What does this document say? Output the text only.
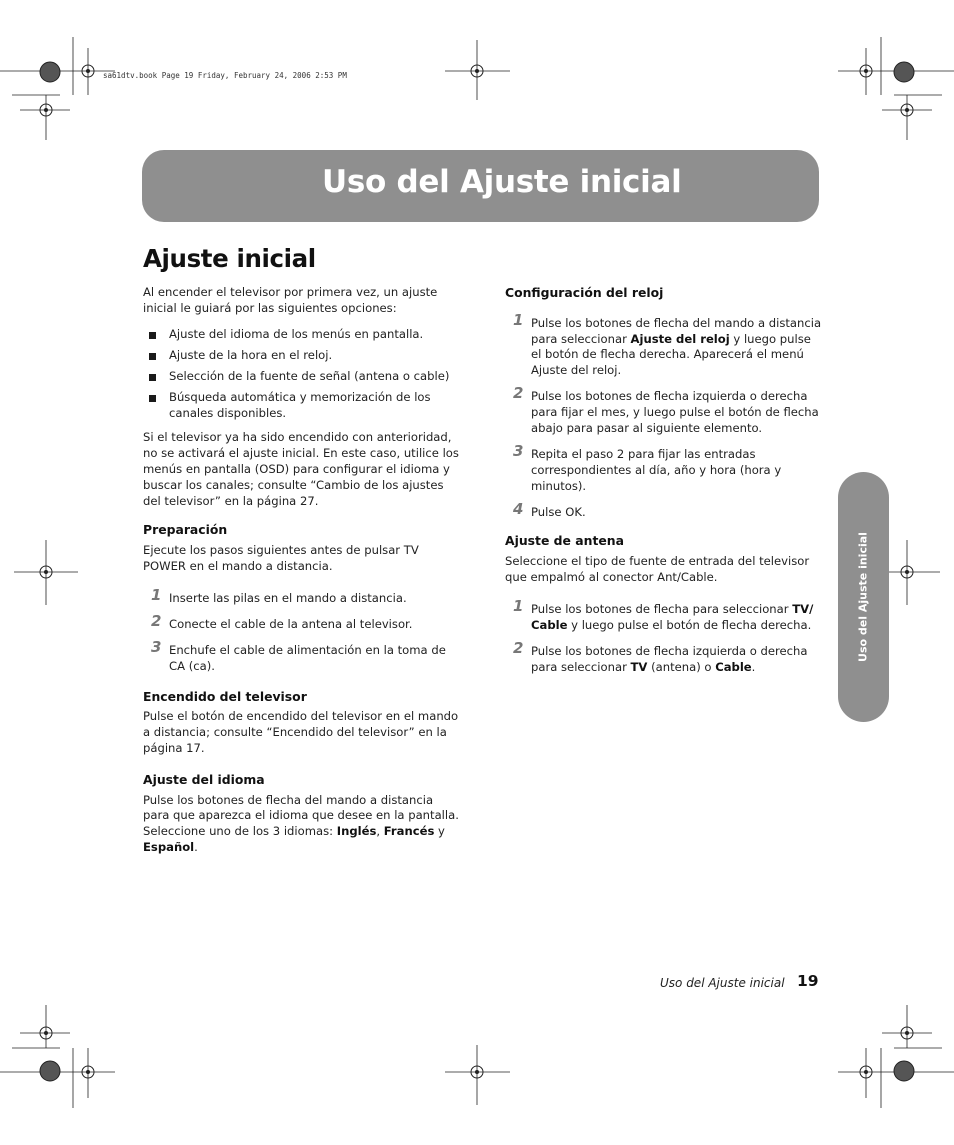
sa61dtv.book Page 19 Friday, February 24, 2006 2:53 PM
Uso del Ajuste inicial
Ajuste inicial

Al encender el televisor por primera vez, un ajuste inicial le guiará por las siguientes opciones:

Ajuste del idioma de los menús en pantalla.
Ajuste de la hora en el reloj.
Selección de la fuente de señal (antena o cable)
Búsqueda automática y memorización de los canales disponibles.

Si el televisor ya ha sido encendido con anterioridad, no se activará el ajuste inicial. En este caso, utilice los menús en pantalla (OSD) para configurar el idioma y buscar los canales; consulte “Cambio de los ajustes del televisor” en la página 27.

Preparación

Ejecute los pasos siguientes antes de pulsar TV POWER en el mando a distancia.

1 Inserte las pilas en el mando a distancia.
2 Conecte el cable de la antena al televisor.
3 Enchufe el cable de alimentación en la toma de CA (ca).

Encendido del televisor

Pulse el botón de encendido del televisor en el mando a distancia; consulte “Encendido del televisor” en la página 17.

Ajuste del idioma

Pulse los botones de flecha del mando a distancia para que aparezca el idioma que desee en la pantalla. Seleccione uno de los 3 idiomas: Inglés, Francés y Español.

Configuración del reloj

1 Pulse los botones de flecha del mando a distancia para seleccionar Ajuste del reloj y luego pulse el botón de flecha derecha. Aparecerá el menú Ajuste del reloj.
2 Pulse los botones de flecha izquierda o derecha para fijar el mes, y luego pulse el botón de flecha abajo para pasar al siguiente elemento.
3 Repita el paso 2 para fijar las entradas correspondientes al día, año y hora (hora y minutos).
4 Pulse OK.

Ajuste de antena

Seleccione el tipo de fuente de entrada del televisor que empalmó al conector Ant/Cable.

1 Pulse los botones de flecha para seleccionar TV/ Cable y luego pulse el botón de flecha derecha.
2 Pulse los botones de flecha izquierda o derecha para seleccionar TV (antena) o Cable.
Uso del Ajuste inicial
Uso del Ajuste inicial 19
